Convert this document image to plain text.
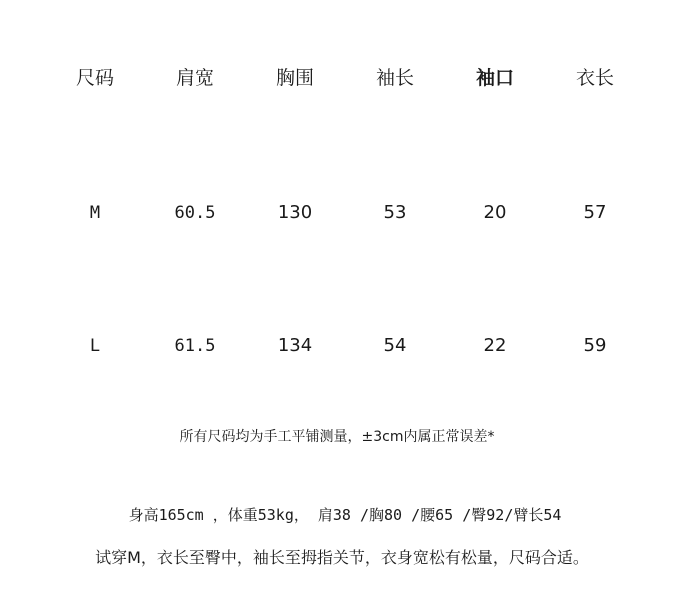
尺码	肩宽	胸围	袖长	袖口	衣长
M	60.5	130	53	20	57
L	61.5	134	54	22	59
所有尺码均为手工平铺测量，±3cm内属正常误差*
身高165cm ，体重53kg， 肩38 /胸80 /腰65 /臀92/臂长54
试穿M，衣长至臀中，袖长至拇指关节，衣身宽松有松量，尺码合适。
